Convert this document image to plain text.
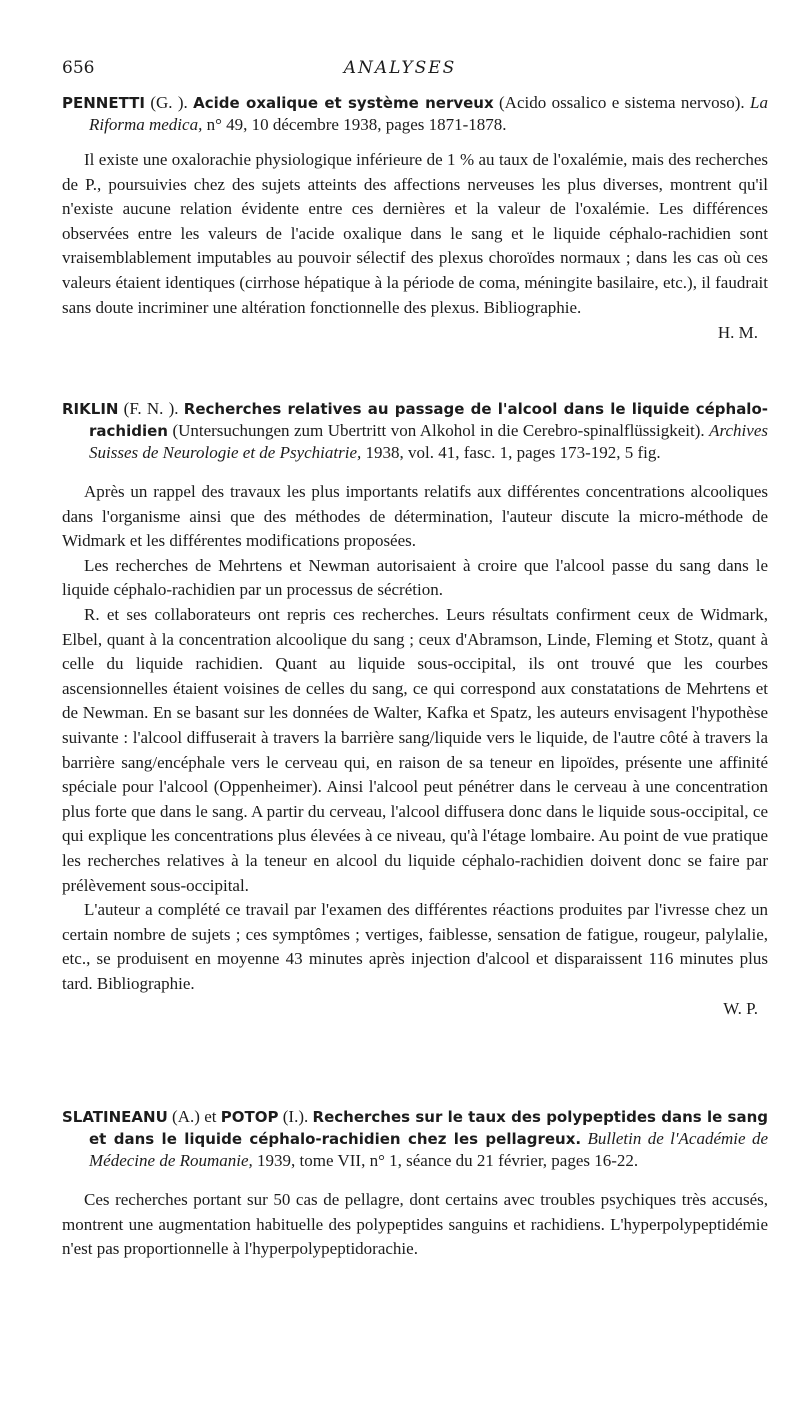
656	ANALYSES

PENNETTI (G. ). Acide oxalique et système nerveux (Acido ossalico e sistema nervoso). La Riforma medica, n° 49, 10 décembre 1938, pages 1871-1878.

Il existe une oxalorachie physiologique inférieure de 1 % au taux de l'oxalémie, mais des recherches de P., poursuivies chez des sujets atteints des affections nerveuses les plus diverses, montrent qu'il n'existe aucune relation évidente entre ces dernières et la valeur de l'oxalémie. Les différences observées entre les valeurs de l'acide oxalique dans le sang et le liquide céphalo-rachidien sont vraisemblablement imputables au pouvoir sélectif des plexus choroïdes normaux ; dans les cas où ces valeurs étaient identiques (cirrhose hépatique à la période de coma, méningite basilaire, etc.), il faudrait sans doute incriminer une altération fonctionnelle des plexus. Bibliographie.

H. M.

RIKLIN (F. N. ). Recherches relatives au passage de l'alcool dans le liquide céphalo-rachidien (Untersuchungen zum Ubertritt von Alkohol in die Cerebro-spinalflüssigkeit). Archives Suisses de Neurologie et de Psychiatrie, 1938, vol. 41, fasc. 1, pages 173-192, 5 fig.

Après un rappel des travaux les plus importants relatifs aux différentes concentrations alcooliques dans l'organisme ainsi que des méthodes de détermination, l'auteur discute la micro-méthode de Widmark et les différentes modifications proposées.

Les recherches de Mehrtens et Newman autorisaient à croire que l'alcool passe du sang dans le liquide céphalo-rachidien par un processus de sécrétion.

R. et ses collaborateurs ont repris ces recherches. Leurs résultats confirment ceux de Widmark, Elbel, quant à la concentration alcoolique du sang ; ceux d'Abramson, Linde, Fleming et Stotz, quant à celle du liquide rachidien. Quant au liquide sous-occipital, ils ont trouvé que les courbes ascensionnelles étaient voisines de celles du sang, ce qui correspond aux constatations de Mehrtens et de Newman. En se basant sur les données de Walter, Kafka et Spatz, les auteurs envisagent l'hypothèse suivante : l'alcool diffuserait à travers la barrière sang/liquide vers le liquide, de l'autre côté à travers la barrière sang/encéphale vers le cerveau qui, en raison de sa teneur en lipoïdes, présente une affinité spéciale pour l'alcool (Oppenheimer). Ainsi l'alcool peut pénétrer dans le cerveau à une concentration plus forte que dans le sang. A partir du cerveau, l'alcool diffusera donc dans le liquide sous-occipital, ce qui explique les concentrations plus élevées à ce niveau, qu'à l'étage lombaire. Au point de vue pratique les recherches relatives à la teneur en alcool du liquide céphalo-rachidien doivent donc se faire par prélèvement sous-occipital.

L'auteur a complété ce travail par l'examen des différentes réactions produites par l'ivresse chez un certain nombre de sujets ; ces symptômes ; vertiges, faiblesse, sensation de fatigue, rougeur, palylalie, etc., se produisent en moyenne 43 minutes après injection d'alcool et disparaissent 116 minutes plus tard. Bibliographie.

W. P.

SLATINEANU (A.) et POTOP (I.). Recherches sur le taux des polypeptides dans le sang et dans le liquide céphalo-rachidien chez les pellagreux. Bulletin de l'Académie de Médecine de Roumanie, 1939, tome VII, n° 1, séance du 21 février, pages 16-22.

Ces recherches portant sur 50 cas de pellagre, dont certains avec troubles psychiques très accusés, montrent une augmentation habituelle des polypeptides sanguins et rachidiens. L'hyperpolypeptidémie n'est pas proportionnelle à l'hyperpolypeptidorachie.
